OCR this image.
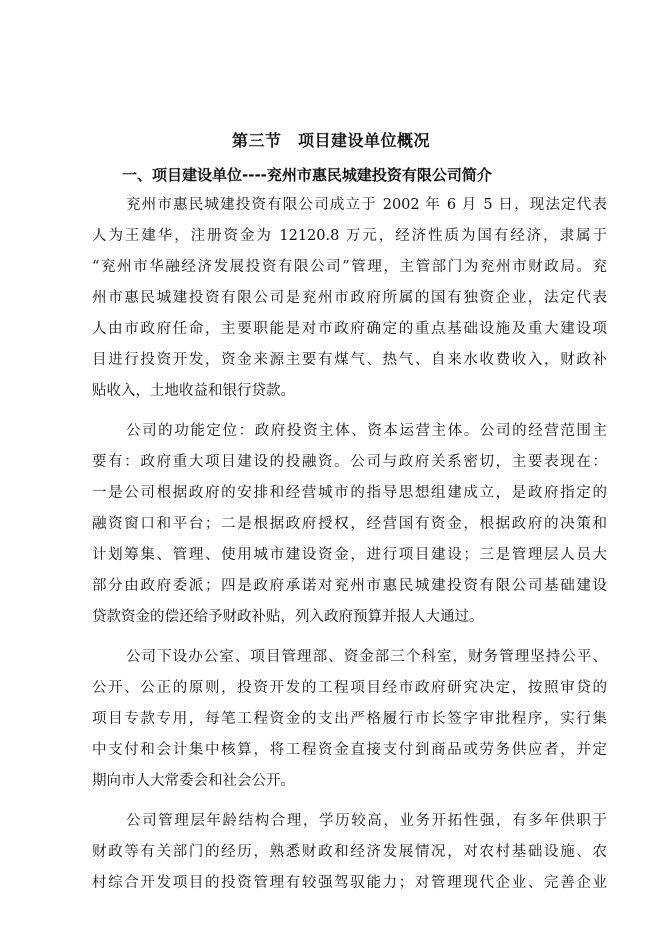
第三节　项目建设单位概况
一、项目建设单位----兖州市惠民城建投资有限公司简介
兖州市惠民城建投资有限公司成立于 2002 年 6 月 5 日，现法定代表
人为王建华，注册资金为 12120.8 万元，经济性质为国有经济，隶属于
“兖州市华融经济发展投资有限公司”管理，主管部门为兖州市财政局。兖
州市惠民城建投资有限公司是兖州市政府所属的国有独资企业，法定代表
人由市政府任命，主要职能是对市政府确定的重点基础设施及重大建设项
目进行投资开发，资金来源主要有煤气、热气、自来水收费收入，财政补
贴收入，土地收益和银行贷款。
公司的功能定位：政府投资主体、资本运营主体。公司的经营范围主
要有：政府重大项目建设的投融资。公司与政府关系密切，主要表现在：
一是公司根据政府的安排和经营城市的指导思想组建成立，是政府指定的
融资窗口和平台；二是根据政府授权，经营国有资金，根据政府的决策和
计划筹集、管理、使用城市建设资金，进行项目建设；三是管理层人员大
部分由政府委派；四是政府承诺对兖州市惠民城建投资有限公司基础建设
贷款资金的偿还给予财政补贴，列入政府预算并报人大通过。
公司下设办公室、项目管理部、资金部三个科室，财务管理坚持公平、
公开、公正的原则，投资开发的工程项目经市政府研究决定，按照审贷的
项目专款专用，每笔工程资金的支出严格履行市长签字审批程序，实行集
中支付和会计集中核算，将工程资金直接支付到商品或劳务供应者，并定
期向市人大常委会和社会公开。
公司管理层年龄结构合理，学历较高，业务开拓性强，有多年供职于
财政等有关部门的经历，熟悉财政和经济发展情况，对农村基础设施、农
村综合开发项目的投资管理有较强驾驭能力；对管理现代企业、完善企业
